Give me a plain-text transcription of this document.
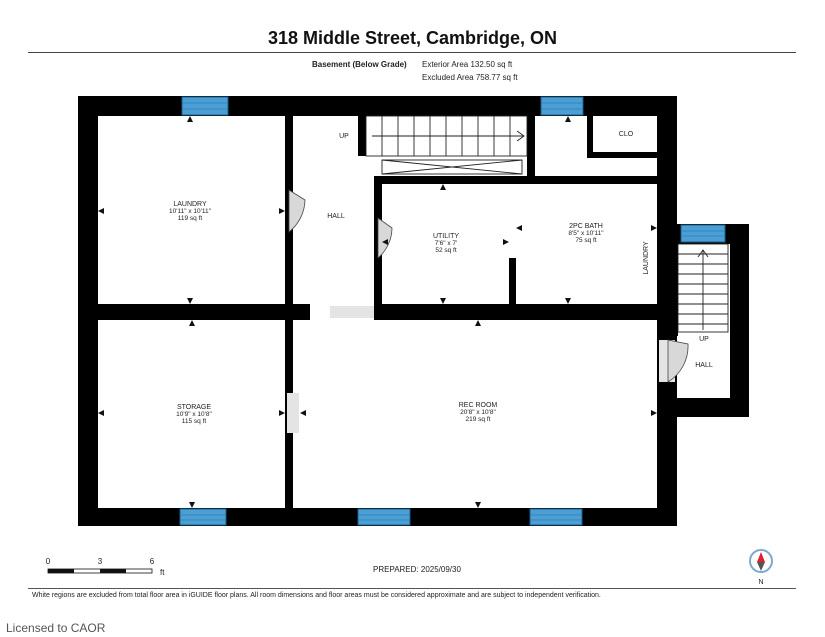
318 Middle Street, Cambridge, ON
Basement (Below Grade) Exterior Area 132.50 sq ft
Excluded Area 758.77 sq ft
LAUNDRY
10'11" x 10'11"
119 sq ft	HALL
UP	CLO
UTILITY
7'6" x 7'
52 sq ft
2PC BATH
8'5" x 10'11"
75 sq ft
LAUNDRY
UP
HALL
STORAGE
10'9" x 10'8"
115 sq ft
REC ROOM
20'8" x 10'8"
219 sq ft
0	3	6
ft
N
PREPARED: 2025/09/30
White regions are excluded from total floor area in iGUIDE floor plans. All room dimensions and floor areas must be considered approximate and are subject to independent verification.
Licensed to CAOR
